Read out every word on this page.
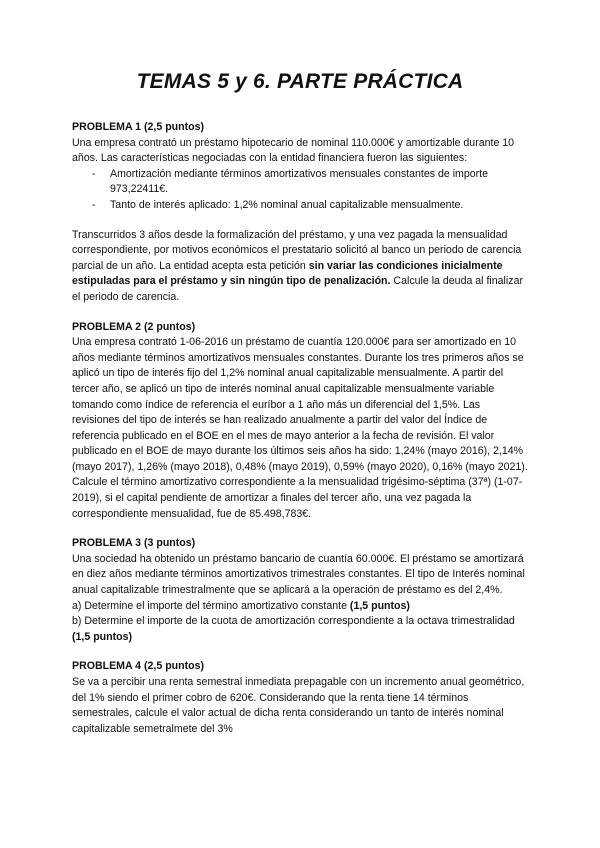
TEMAS 5 y 6. PARTE PRÁCTICA

PROBLEMA 1 (2,5 puntos)

Una empresa contrató un préstamo hipotecario de nominal 110.000€ y amortizable durante 10 años. Las características negociadas con la entidad financiera fueron las siguientes:

- Amortización mediante términos amortizativos mensuales constantes de importe 973,22411€.
- Tanto de interés aplicado: 1,2% nominal anual capitalizable mensualmente.

Transcurridos 3 años desde la formalización del préstamo, y una vez pagada la mensualidad correspondiente, por motivos económicos el prestatario solicitó al banco un periodo de carencia parcial de un año. La entidad acepta esta petición sin variar las condiciones inicialmente estipuladas para el préstamo y sin ningún tipo de penalización. Calcule la deuda al finalizar el periodo de carencia.

PROBLEMA 2 (2 puntos)

Una empresa contrató 1-06-2016 un préstamo de cuantía 120.000€ para ser amortizado en 10 años mediante términos amortizativos mensuales constantes. Durante los tres primeros años se aplicó un tipo de interés fijo del 1,2% nominal anual capitalizable mensualmente. A partir del tercer año, se aplicó un tipo de interés nominal anual capitalizable mensualmente variable tomando como índice de referencia el euríbor a 1 año más un diferencial del 1,5%. Las revisiones del tipo de interés se han realizado anualmente a partir del valor del Índice de referencia publicado en el BOE en el mes de mayo anterior a la fecha de revisión. El valor publicado en el BOE de mayo durante los últimos seis años ha sido: 1,24% (mayo 2016), 2,14% (mayo 2017), 1,26% (mayo 2018), 0,48% (mayo 2019), 0,59% (mayo 2020), 0,16% (mayo 2021).

Calcule el término amortizativo correspondiente a la mensualidad trigésimo-séptima (37ª) (1-07-2019), si el capital pendiente de amortizar a finales del tercer año, una vez pagada la correspondiente mensualidad, fue de 85.498,783€.

PROBLEMA 3 (3 puntos)

Una sociedad ha obtenido un préstamo bancario de cuantía 60.000€. El préstamo se amortizará en diez años mediante términos amortizativos trimestrales constantes. El tipo de Interés nominal anual capitalizable trimestralmente que se aplicará a la operación de préstamo es del 2,4%.

a) Determine el importe del término amortizativo constante (1,5 puntos)

b) Determine el importe de la cuota de amortización correspondiente a la octava trimestralidad (1,5 puntos)

PROBLEMA 4 (2,5 puntos)

Se va a percibir una renta semestral inmediata prepagable con un incremento anual geométrico, del 1% siendo el primer cobro de 620€. Considerando que la renta tiene 14 términos semestrales, calcule el valor actual de dicha renta considerando un tanto de interés nominal capitalizable semetralmete del 3%
